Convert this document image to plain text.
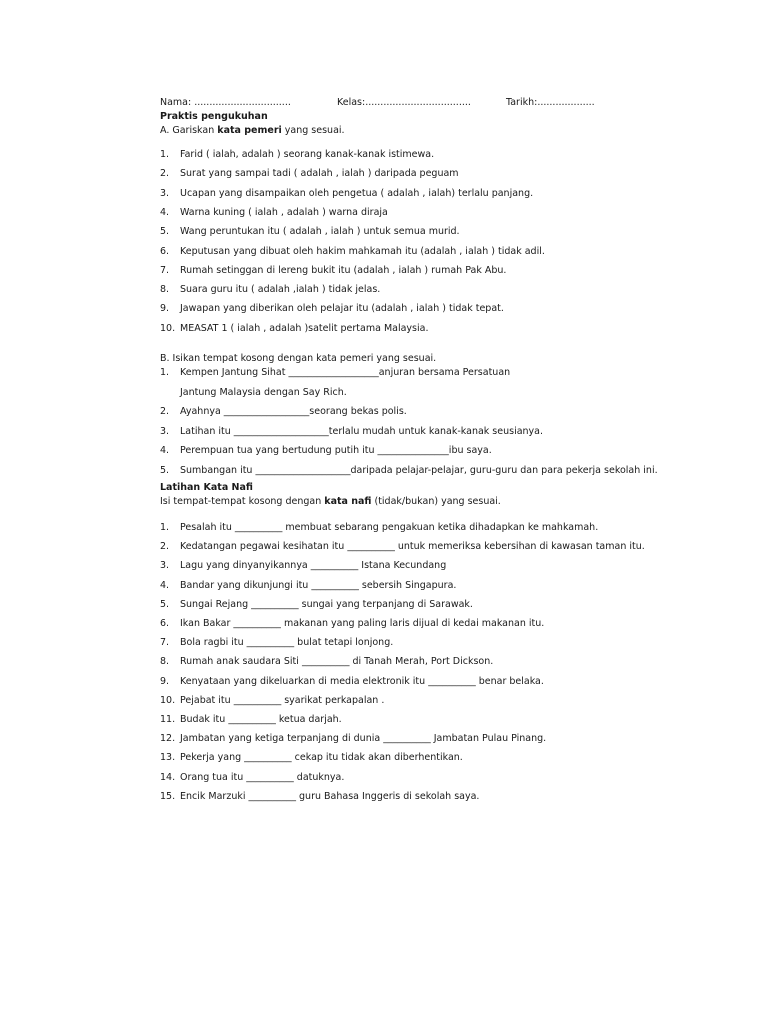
Nama: ................................	Kelas:...................................	Tarikh:...................
Praktis pengukuhan
A. Gariskan kata pemeri yang sesuai.
1. Farid ( ialah, adalah ) seorang kanak-kanak istimewa.
2. Surat yang sampai tadi ( adalah , ialah ) daripada peguam
3. Ucapan yang disampaikan oleh pengetua ( adalah , ialah) terlalu panjang.
4. Warna kuning ( ialah , adalah ) warna diraja
5. Wang peruntukan itu ( adalah , ialah ) untuk semua murid.
6. Keputusan yang dibuat oleh hakim mahkamah itu (adalah , ialah ) tidak adil.
7. Rumah setinggan di lereng bukit itu (adalah , ialah ) rumah Pak Abu.
8. Suara guru itu ( adalah ,ialah ) tidak jelas.
9. Jawapan yang diberikan oleh pelajar itu (adalah , ialah ) tidak tepat.
10. MEASAT 1 ( ialah , adalah )satelit pertama Malaysia.
B. Isikan tempat kosong dengan kata pemeri yang sesuai.
1. Kempen Jantung Sihat ___________________anjuran bersama Persatuan
Jantung Malaysia dengan Say Rich.
2. Ayahnya __________________seorang bekas polis.
3. Latihan itu ____________________terlalu mudah untuk kanak-kanak seusianya.
4. Perempuan tua yang bertudung putih itu _______________ibu saya.
5. Sumbangan itu ____________________daripada pelajar-pelajar, guru-guru dan para pekerja sekolah ini.
Latihan Kata Nafi
Isi tempat-tempat kosong dengan kata nafi (tidak/bukan) yang sesuai.
1. Pesalah itu __________ membuat sebarang pengakuan ketika dihadapkan ke mahkamah.
2. Kedatangan pegawai kesihatan itu __________ untuk memeriksa kebersihan di kawasan taman itu.
3. Lagu yang dinyanyikannya __________ Istana Kecundang
4. Bandar yang dikunjungi itu __________ sebersih Singapura.
5. Sungai Rejang __________ sungai yang terpanjang di Sarawak.
6. Ikan Bakar __________ makanan yang paling laris dijual di kedai makanan itu.
7. Bola ragbi itu __________ bulat tetapi lonjong.
8. Rumah anak saudara Siti __________ di Tanah Merah, Port Dickson.
9. Kenyataan yang dikeluarkan di media elektronik itu __________ benar belaka.
10. Pejabat itu __________ syarikat perkapalan .
11. Budak itu __________ ketua darjah.
12. Jambatan yang ketiga terpanjang di dunia __________ Jambatan Pulau Pinang.
13. Pekerja yang __________ cekap itu tidak akan diberhentikan.
14. Orang tua itu __________ datuknya.
15. Encik Marzuki __________ guru Bahasa Inggeris di sekolah saya.
